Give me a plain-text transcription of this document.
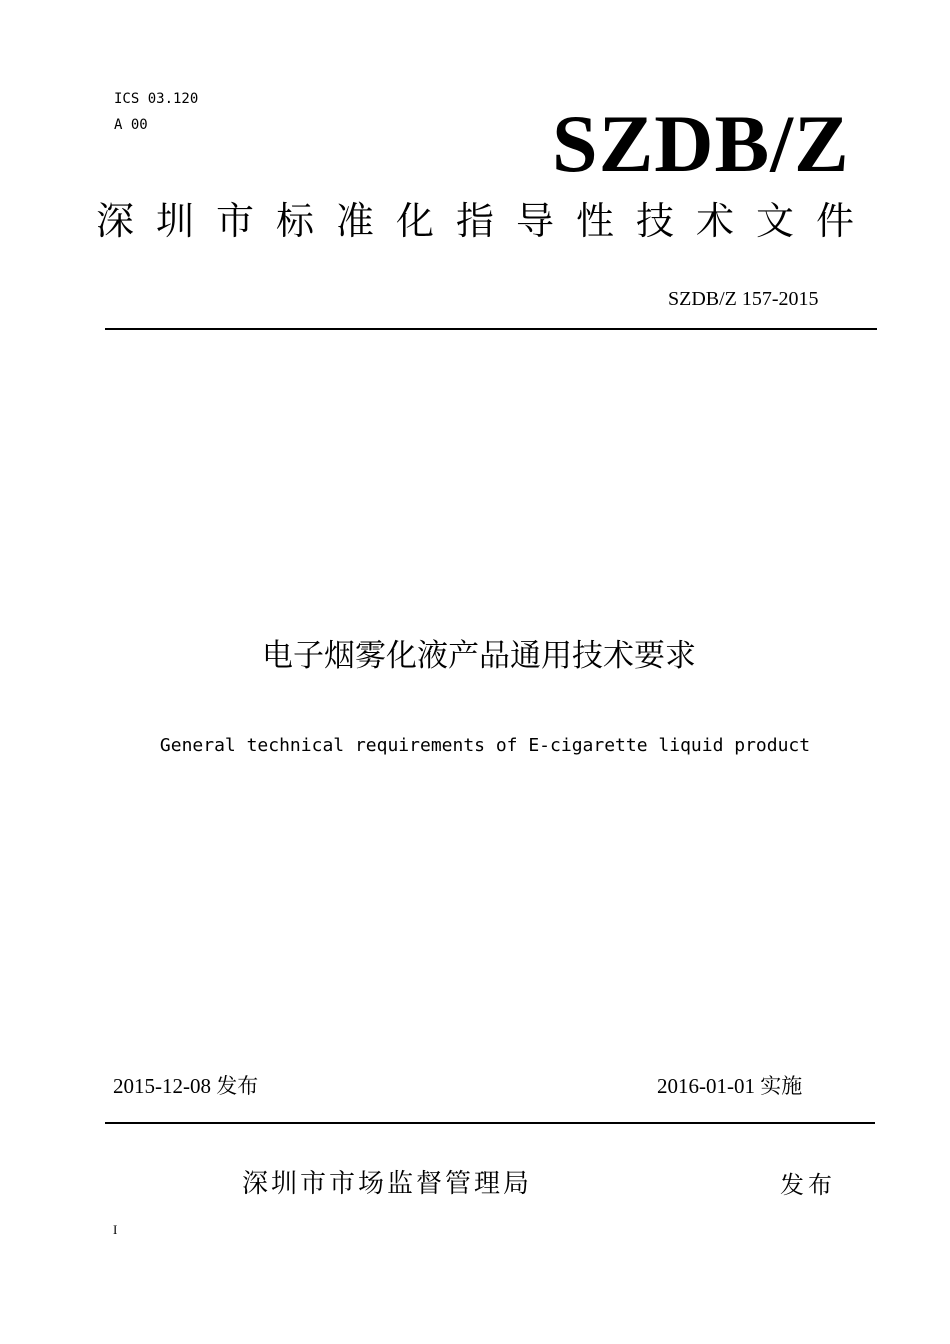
ICS 03.120
A 00	SZDB/Z
深圳市标准化指导性技术文件
SZDB/Z 157-2015
电子烟雾化液产品通用技术要求
General technical requirements of E-cigarette liquid product
2015-12-08 发布	2016-01-01 实施
深圳市市场监督管理局	发布
I
